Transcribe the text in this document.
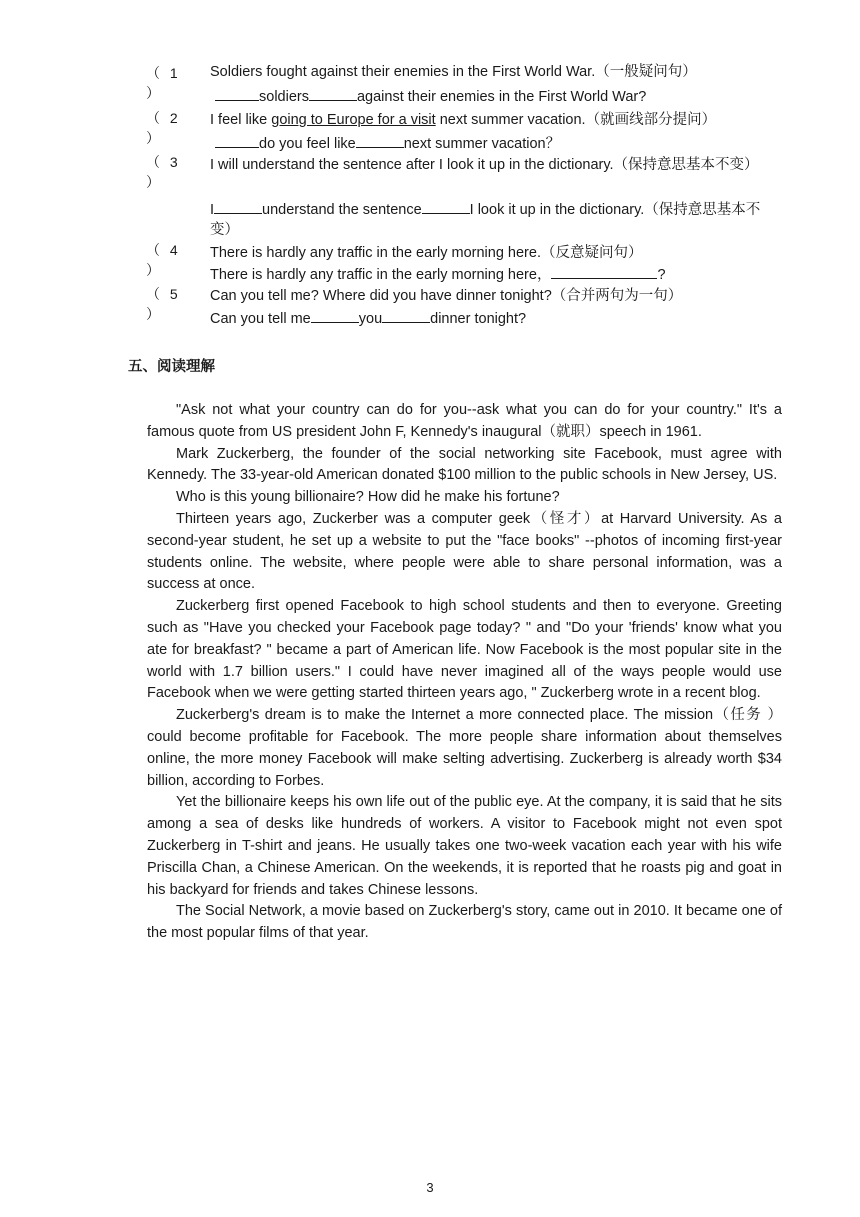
（ 1 ）
Soldiers fought against their enemies in the First World War.（一般疑问句）
soldiers	against their enemies in the First World War?
（ 2 ）
I feel like going to Europe for a visit next summer vacation.（就画线部分提问）
do you feel like	next summer vacation？
（ 3 ）
I will understand the sentence after I look it up in the dictionary.（保持意思基本不变）
I	understand the sentence	I look it up in the dictionary.（保持意思基本不变）
（ 4 ）
There is hardly any traffic in the early morning here.（反意疑问句）
There is hardly any traffic in the early morning here，	?
（ 5 ）
Can you tell me? Where did you have dinner tonight?（合并两句为一句）
Can you tell me	you	dinner tonight?
五、阅读理解

"Ask not what your country can do for you--ask what you can do for your country." It's a famous quote from US president John F, Kennedy's inaugural（就职）speech in 1961.

Mark Zuckerberg, the founder of the social networking site Facebook, must agree with Kennedy. The 33-year-old American donated $100 million to the public schools in New Jersey, US.

Who is this young billionaire? How did he make his fortune?

Thirteen years ago, Zuckerber was a computer geek（怪才）at Harvard University. As a second-year student, he set up a website to put the "face books" --photos of incoming first-year students online. The website, where people were able to share personal information, was a success at once.

Zuckerberg first opened Facebook to high school students and then to everyone. Greeting such as "Have you checked your Facebook page today? " and "Do your 'friends' know what you ate for breakfast? " became a part of American life. Now Facebook is the most popular site in the world with 1.7 billion users." I could have never imagined all of the ways people would use Facebook when we were getting started thirteen years ago, " Zuckerberg wrote in a recent blog.

Zuckerberg's dream is to make the Internet a more connected place. The mission（任务 ）could become profitable for Facebook. The more people share information about themselves online, the more money Facebook will make selting advertising. Zuckerberg is already worth $34 billion, according to Forbes.

Yet the billionaire keeps his own life out of the public eye. At the company, it is said that he sits among a sea of desks like hundreds of workers. A visitor to Facebook might not even spot Zuckerberg in T-shirt and jeans. He usually takes one two-week vacation each year with his wife Priscilla Chan, a Chinese American. On the weekends, it is reported that he roasts pig and goat in his backyard for friends and takes Chinese lessons.

The Social Network, a movie based on Zuckerberg's story, came out in 2010. It became one of the most popular films of that year.

3
